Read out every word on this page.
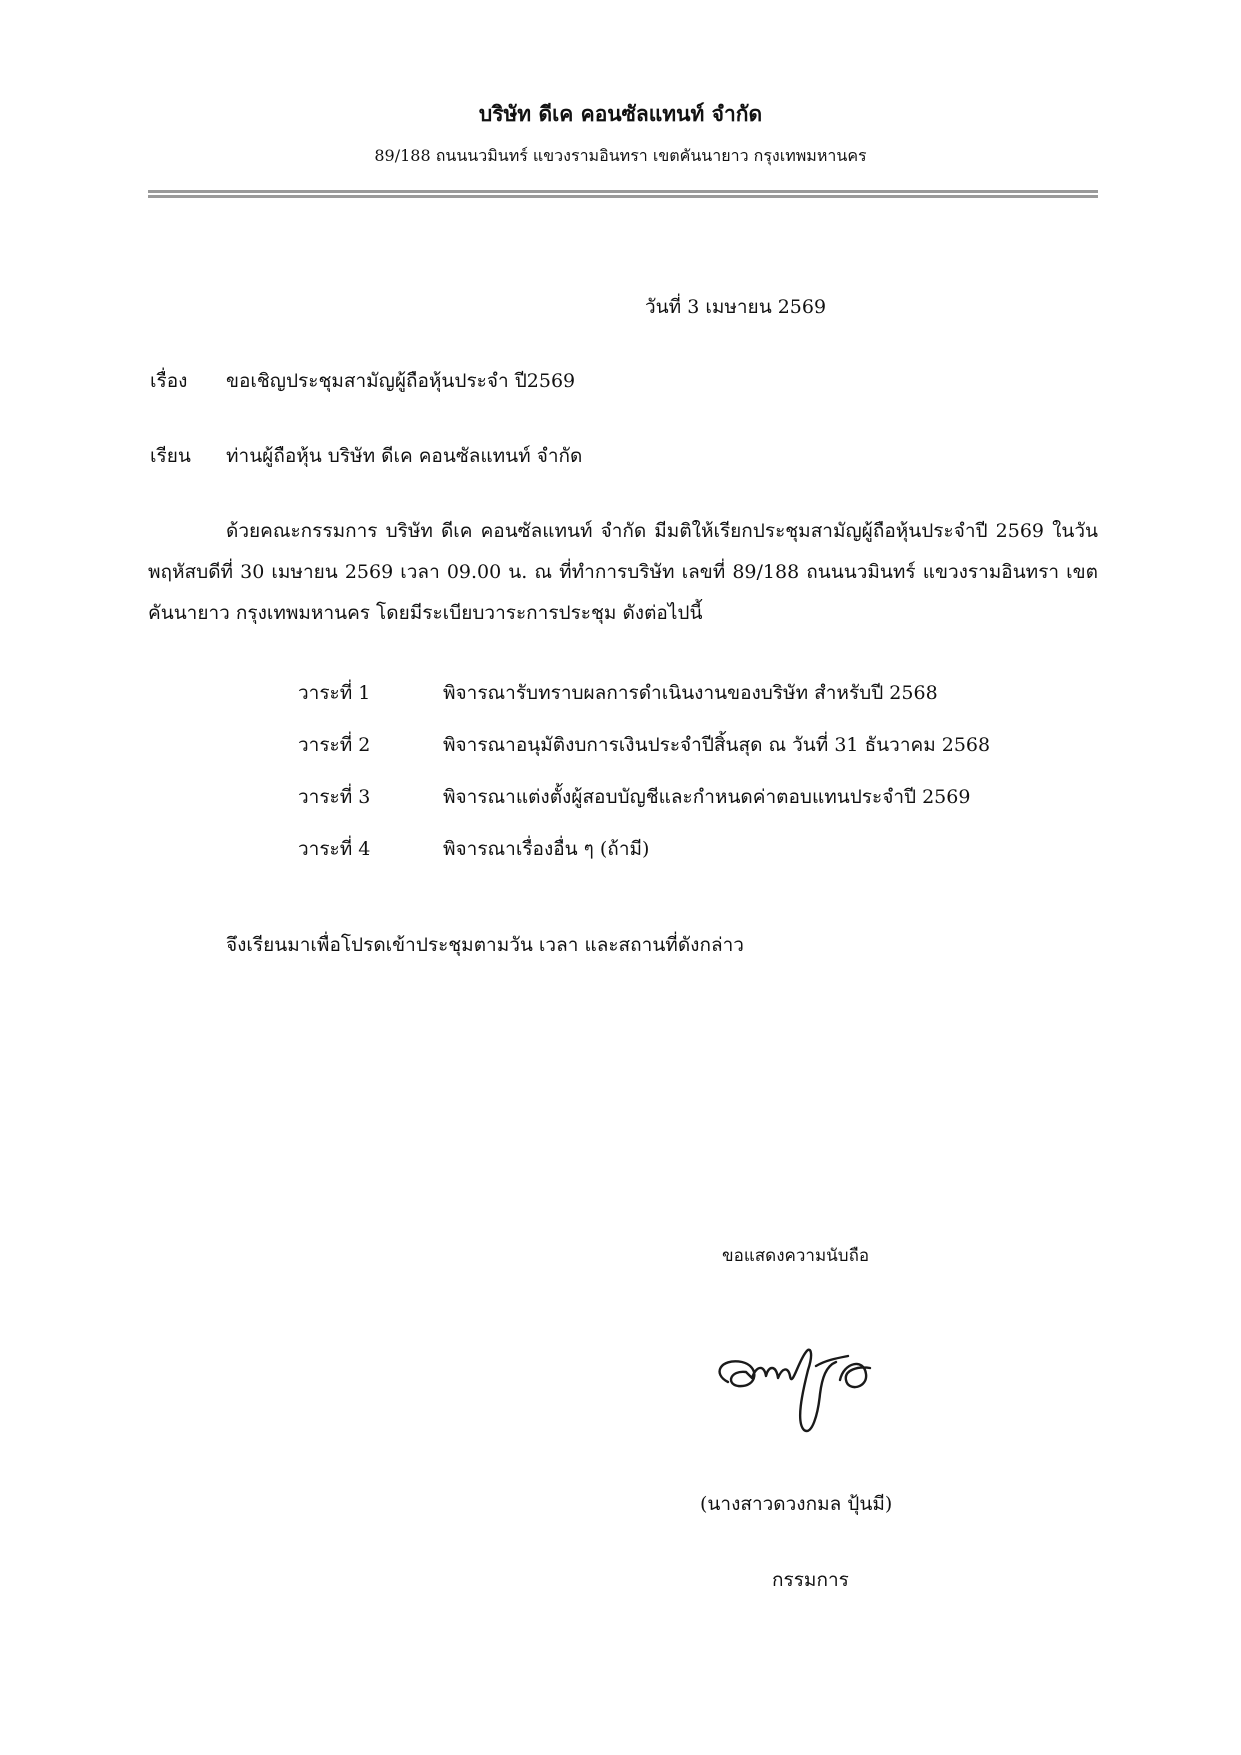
บริษัท ดีเค คอนซัลแทนท์ จำกัด
89/188 ถนนนวมินทร์ แขวงรามอินทรา เขตคันนายาว กรุงเทพมหานคร
วันที่ 3 เมษายน 2569
เรื่อง ขอเชิญประชุมสามัญผู้ถือหุ้นประจำ ปี2569
เรียน ท่านผู้ถือหุ้น บริษัท ดีเค คอนซัลแทนท์ จำกัด

ด้วยคณะกรรมการ บริษัท ดีเค คอนซัลแทนท์ จำกัด มีมติให้เรียกประชุมสามัญผู้ถือหุ้นประจำปี 2569 ในวันพฤหัสบดีที่ 30 เมษายน 2569 เวลา 09.00 น. ณ ที่ทำการบริษัท เลขที่ 89/188 ถนนนวมินทร์ แขวงรามอินทรา เขตคันนายาว กรุงเทพมหานคร โดยมีระเบียบวาระการประชุม ดังต่อไปนี้

วาระที่ 1	พิจารณารับทราบผลการดำเนินงานของบริษัท สำหรับปี 2568
วาระที่ 2	พิจารณาอนุมัติงบการเงินประจำปีสิ้นสุด ณ วันที่ 31 ธันวาคม 2568
วาระที่ 3	พิจารณาแต่งตั้งผู้สอบบัญชีและกำหนดค่าตอบแทนประจำปี 2569
วาระที่ 4	พิจารณาเรื่องอื่น ๆ (ถ้ามี)
จึงเรียนมาเพื่อโปรดเข้าประชุมตามวัน เวลา และสถานที่ดังกล่าว
ขอแสดงความนับถือ
(นางสาวดวงกมล ปุ้นมี)
กรรมการ
